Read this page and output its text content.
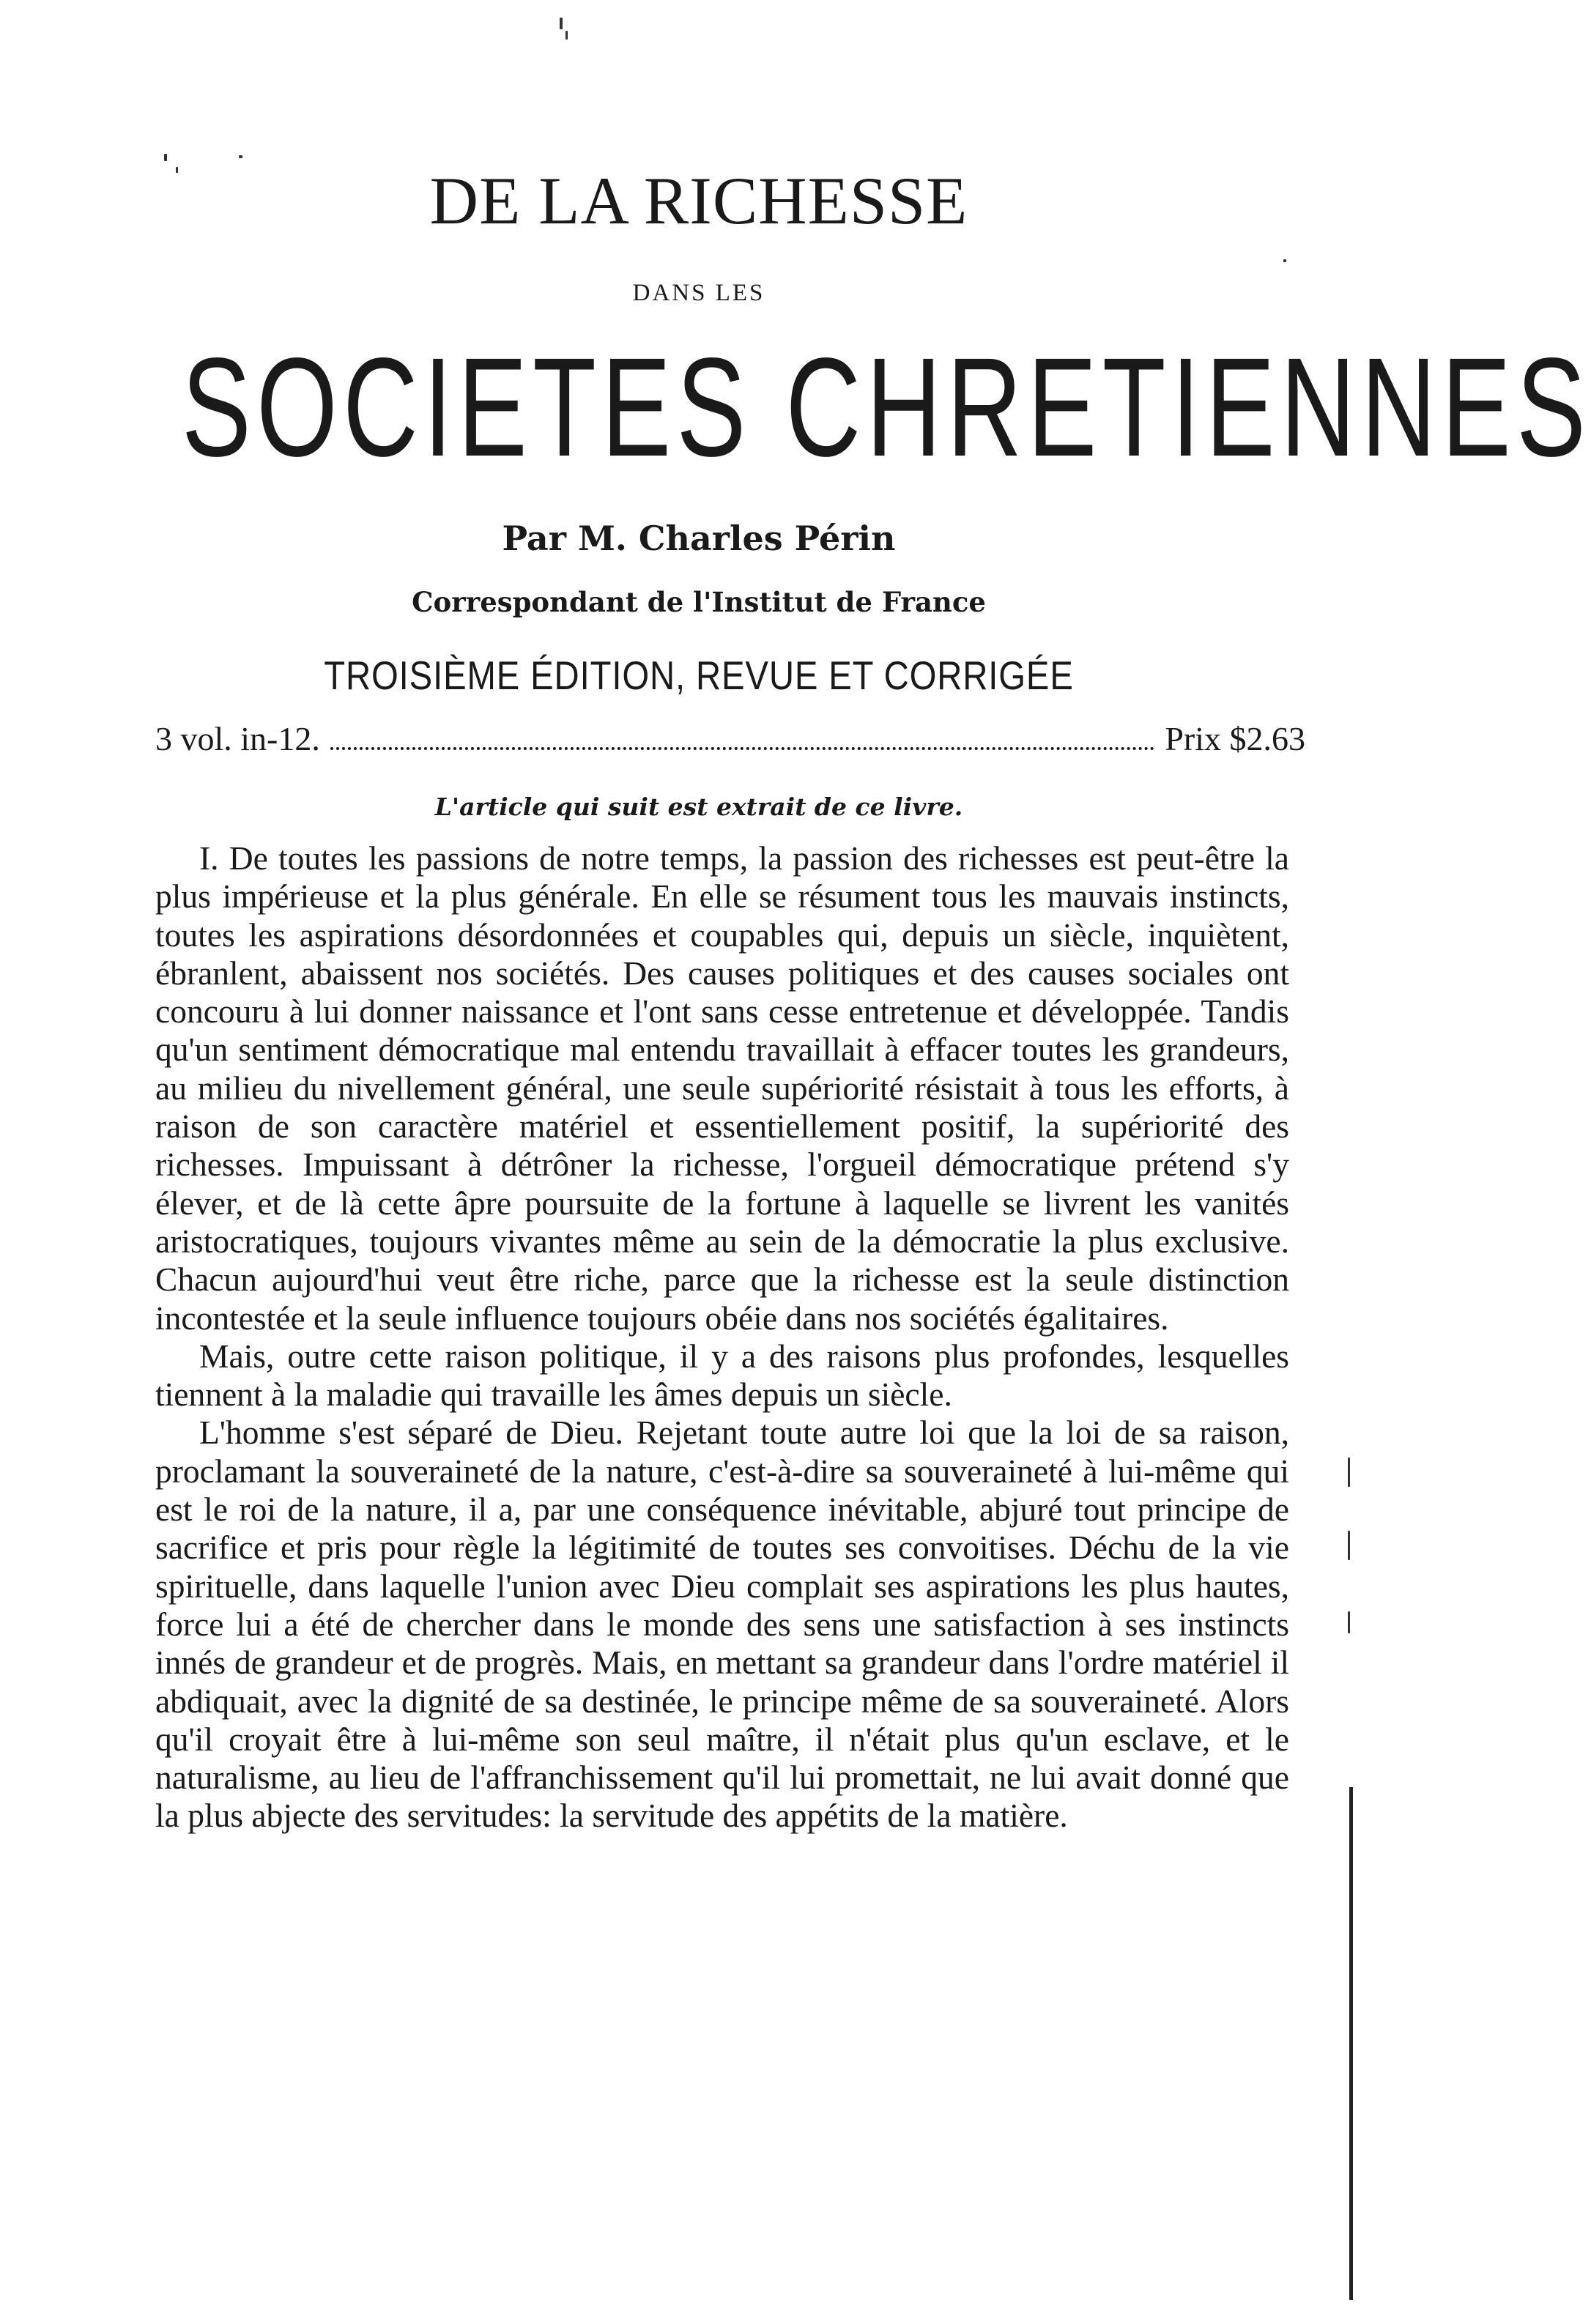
DE LA RICHESSE
DANS LES
SOCIETES CHRETIENNES
Par M. Charles Périn
Correspondant de l'Institut de France
TROISIÈME ÉDITION, REVUE ET CORRIGÉE
3 vol. in-12.	Prix $2.63
L'article qui suit est extrait de ce livre.

I. De toutes les passions de notre temps, la passion des richesses est peut-être la plus impérieuse et la plus générale. En elle se résument tous les mauvais instincts, toutes les aspirations désordonnées et coupables qui, depuis un siècle, inquiètent, ébranlent, abaissent nos sociétés. Des causes politiques et des causes sociales ont concouru à lui donner naissance et l'ont sans cesse entretenue et développée. Tandis qu'un sentiment démocratique mal entendu travaillait à effacer toutes les grandeurs, au milieu du nivellement général, une seule supériorité résistait à tous les efforts, à raison de son caractère matériel et essentiellement positif, la supériorité des richesses. Impuissant à détrôner la richesse, l'orgueil démocratique prétend s'y élever, et de là cette âpre poursuite de la fortune à laquelle se livrent les vanités aristocratiques, toujours vivantes même au sein de la démocratie la plus exclusive. Chacun aujourd'hui veut être riche, parce que la richesse est la seule distinction incontestée et la seule influence toujours obéie dans nos sociétés égalitaires.

Mais, outre cette raison politique, il y a des raisons plus profondes, lesquelles tiennent à la maladie qui travaille les âmes depuis un siècle.

L'homme s'est séparé de Dieu. Rejetant toute autre loi que la loi de sa raison, proclamant la souveraineté de la nature, c'est-à-dire sa souveraineté à lui-même qui est le roi de la nature, il a, par une conséquence inévitable, abjuré tout principe de sacrifice et pris pour règle la légitimité de toutes ses convoitises. Déchu de la vie spirituelle, dans laquelle l'union avec Dieu complait ses aspirations les plus hautes, force lui a été de chercher dans le monde des sens une satisfaction à ses instincts innés de grandeur et de progrès. Mais, en mettant sa grandeur dans l'ordre matériel il abdiquait, avec la dignité de sa destinée, le principe même de sa souveraineté. Alors qu'il croyait être à lui-même son seul maître, il n'était plus qu'un esclave, et le naturalisme, au lieu de l'affranchissement qu'il lui promettait, ne lui avait donné que la plus abjecte des servitudes: la servitude des appétits de la matière.
